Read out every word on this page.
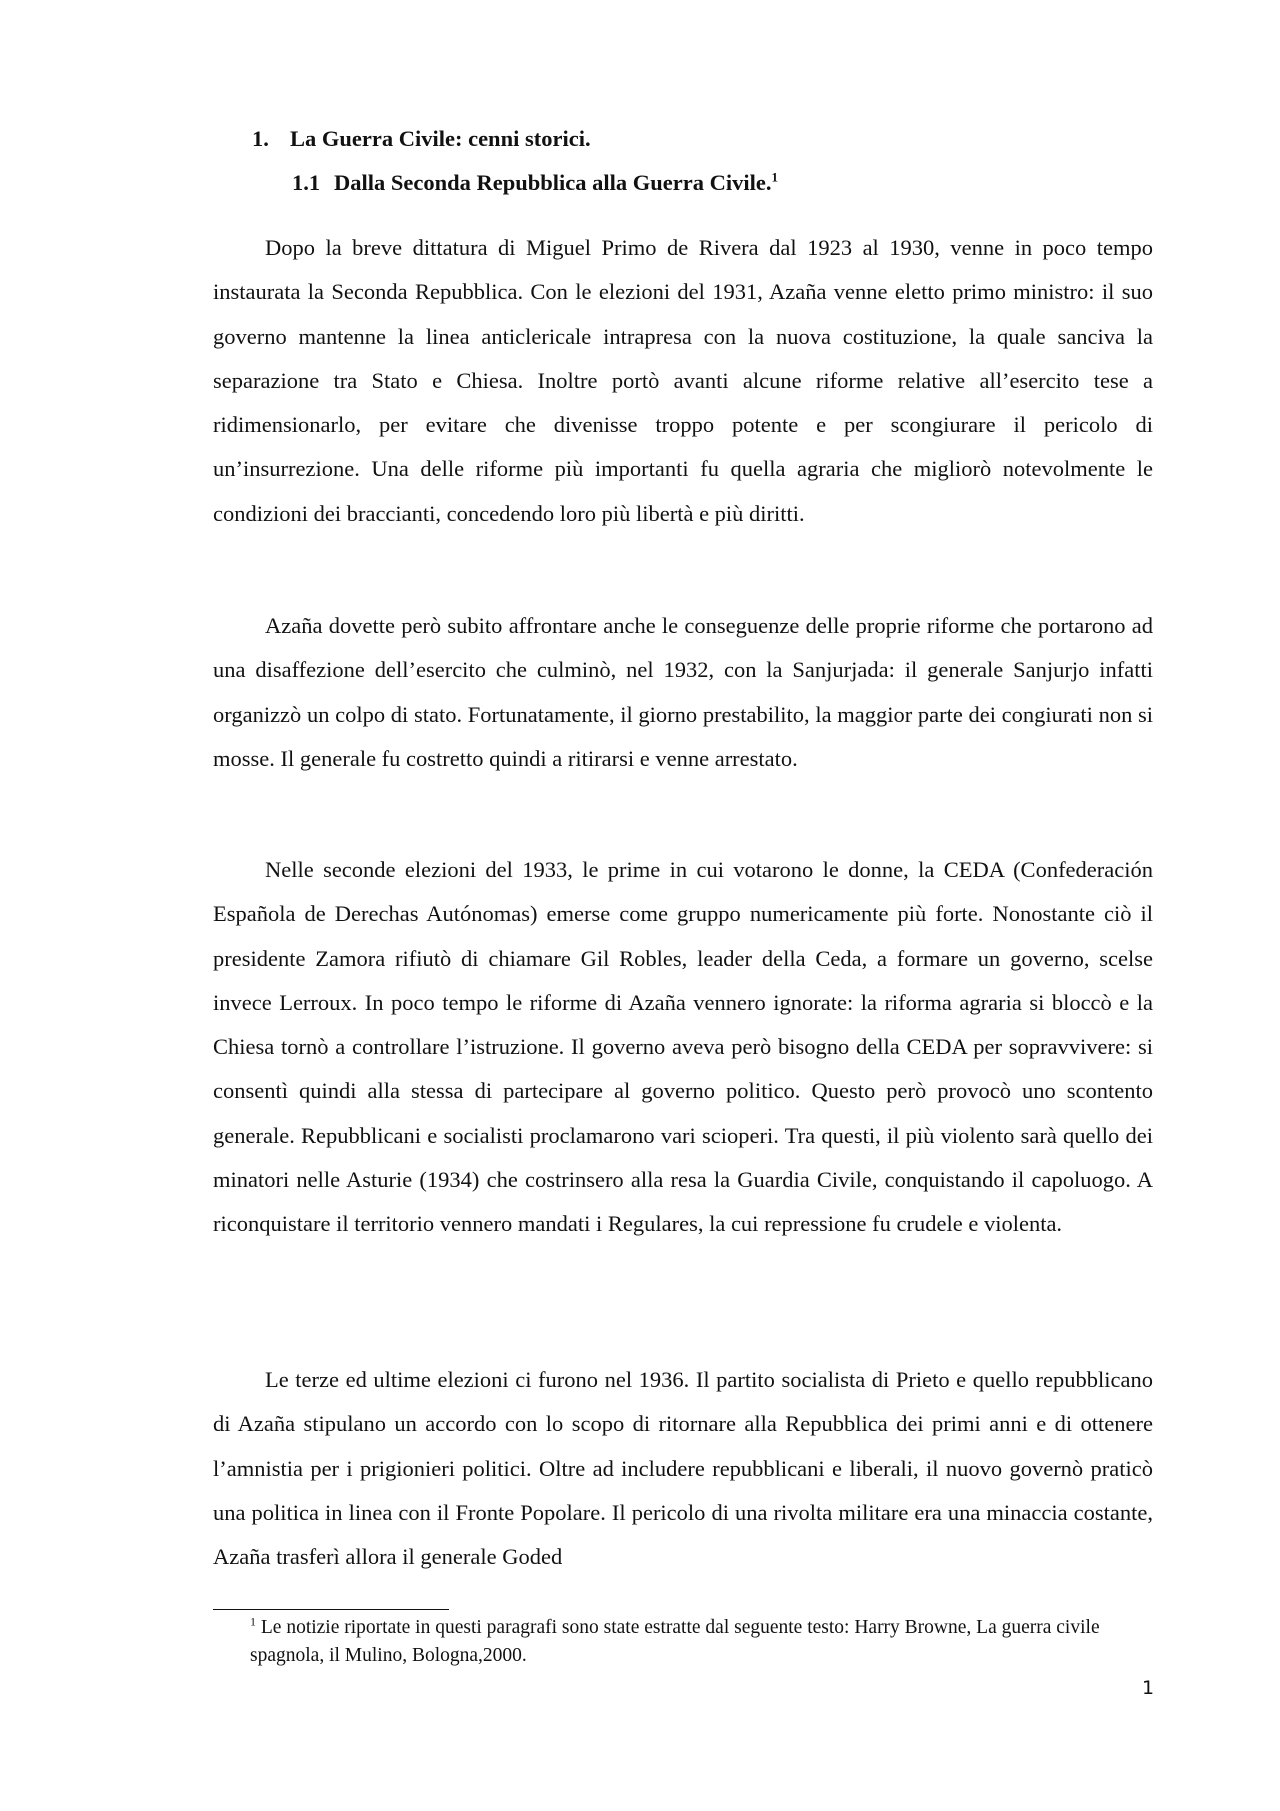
1. La Guerra Civile: cenni storici.
1.1 Dalla Seconda Repubblica alla Guerra Civile.$^1$

Dopo la breve dittatura di Miguel Primo de Rivera dal 1923 al 1930, venne in poco tempo instaurata la Seconda Repubblica. Con le elezioni del 1931, Azaña venne eletto primo ministro: il suo governo mantenne la linea anticlericale intrapresa con la nuova costituzione, la quale sanciva la separazione tra Stato e Chiesa. Inoltre portò avanti alcune riforme relative all’esercito tese a ridimensionarlo, per evitare che divenisse troppo potente e per scongiurare il pericolo di un’insurrezione. Una delle riforme più importanti fu quella agraria che migliorò notevolmente le condizioni dei braccianti, concedendo loro più libertà e più diritti.

Azaña dovette però subito affrontare anche le conseguenze delle proprie riforme che portarono ad una disaffezione dell’esercito che culminò, nel 1932, con la Sanjurjada: il generale Sanjurjo infatti organizzò un colpo di stato. Fortunatamente, il giorno prestabilito, la maggior parte dei congiurati non si mosse. Il generale fu costretto quindi a ritirarsi e venne arrestato.

Nelle seconde elezioni del 1933, le prime in cui votarono le donne, la CEDA (Confederación Española de Derechas Autónomas) emerse come gruppo numericamente più forte. Nonostante ciò il presidente Zamora rifiutò di chiamare Gil Robles, leader della Ceda, a formare un governo, scelse invece Lerroux. In poco tempo le riforme di Azaña vennero ignorate: la riforma agraria si bloccò e la Chiesa tornò a controllare l’istruzione. Il governo aveva però bisogno della CEDA per sopravvivere: si consentì quindi alla stessa di partecipare al governo politico. Questo però provocò uno scontento generale. Repubblicani e socialisti proclamarono vari scioperi. Tra questi, il più violento sarà quello dei minatori nelle Asturie (1934) che costrinsero alla resa la Guardia Civile, conquistando il capoluogo. A riconquistare il territorio vennero mandati i Regulares, la cui repressione fu crudele e violenta.

Le terze ed ultime elezioni ci furono nel 1936. Il partito socialista di Prieto e quello repubblicano di Azaña stipulano un accordo con lo scopo di ritornare alla Repubblica dei primi anni e di ottenere l’amnistia per i prigionieri politici. Oltre ad includere repubblicani e liberali, il nuovo governò praticò una politica in linea con il Fronte Popolare. Il pericolo di una rivolta militare era una minaccia costante, Azaña trasferì allora il generale Goded

$^1$ Le notizie riportate in questi paragrafi sono state estratte dal seguente testo: Harry Browne, La guerra civile spagnola, il Mulino, Bologna,2000.

1
